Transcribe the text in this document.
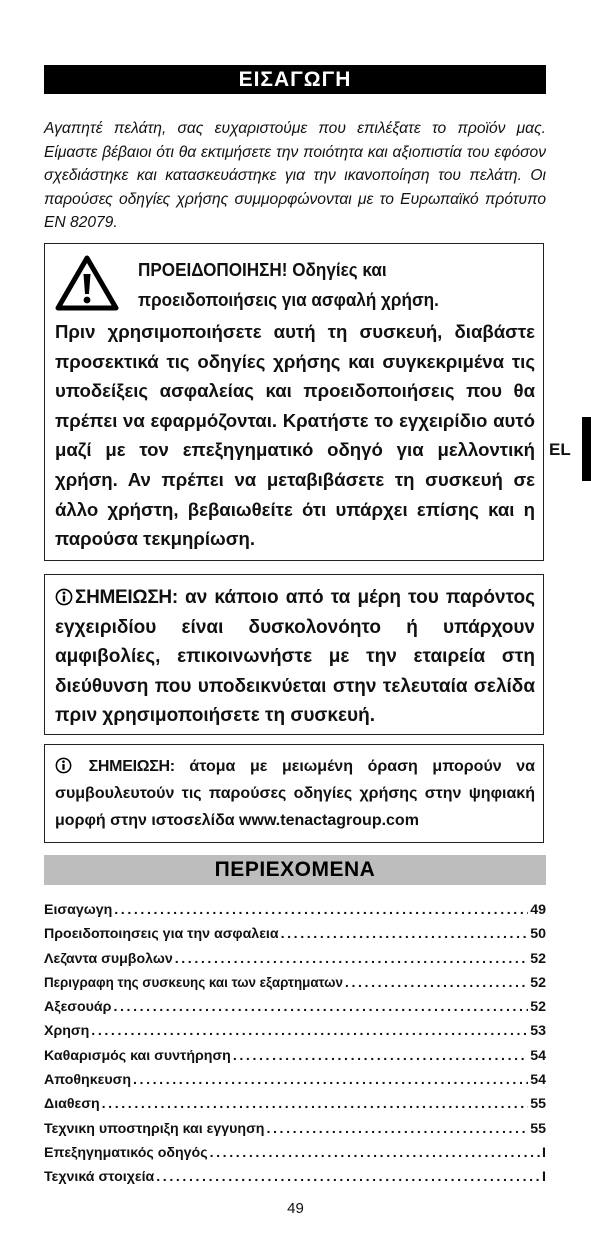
ΕΙΣΑΓΩΓΗ
Αγαπητέ πελάτη, σας ευχαριστούμε που επιλέξατε το προϊόν μας. Είμαστε βέβαιοι ότι θα εκτιμήσετε την ποιότητα και αξιοπιστία του εφόσον σχεδιάστηκε και κατασκευάστηκε για την ικανοποίηση του πελάτη. Οι παρούσες οδηγίες χρήσης συμμορφώνονται με το Ευρωπαϊκό πρότυπο EN 82079.
ΠΡΟΕΙΔΟΠΟΙΗΣΗ! Οδηγίες και προειδοποιήσεις για ασφαλή χρήση.
Πριν χρησιμοποιήσετε αυτή τη συσκευή, διαβάστε προσεκτικά τις οδηγίες χρήσης και συγκεκριμένα τις υποδείξεις ασφαλείας και προειδοποιήσεις που θα πρέπει να εφαρμόζονται. Κρατήστε το εγχειρίδιο αυτό μαζί με τον επεξηγηματικό οδηγό για μελλοντική χρήση. Αν πρέπει να μεταβιβάσετε τη συσκευή σε άλλο χρήστη, βεβαιωθείτε ότι υπάρχει επίσης και η παρούσα τεκμηρίωση.
ΣΗΜΕΙΩΣΗ: αν κάποιο από τα μέρη του παρόντος εγχειριδίου είναι δυσκολονόητο ή υπάρχουν αμφιβολίες, επικοινωνήστε με την εταιρεία στη διεύθυνση που υποδεικνύεται στην τελευταία σελίδα πριν χρησιμοποιήσετε τη συσκευή.
ΣΗΜΕΙΩΣΗ: άτομα με μειωμένη όραση μπορούν να συμβουλευτούν τις παρούσες οδηγίες χρήσης στην ψηφιακή μορφή στην ιστοσελίδα www.tenactagroup.com
ΠΕΡΙΕΧΟΜΕΝΑ
Εισαγωγη .....	49
Προειδοποιησεις για την ασφαλεια .....	50
Λεζαντα συμβολων .....	52
Περιγραφη της συσκευης και των εξαρτηματων .....	52
Αξεσουάρ .....	52
Χρηση .....	53
Καθαρισμός και συντήρηση .....	54
Αποθηκευση .....	54
Διαθεση .....	55
Τεχνικη υποστηριξη και εγγυηση .....	55
Επεξηγηματικός οδηγός .....	I
Τεχνικά στοιχεία .....	I
EL
49
